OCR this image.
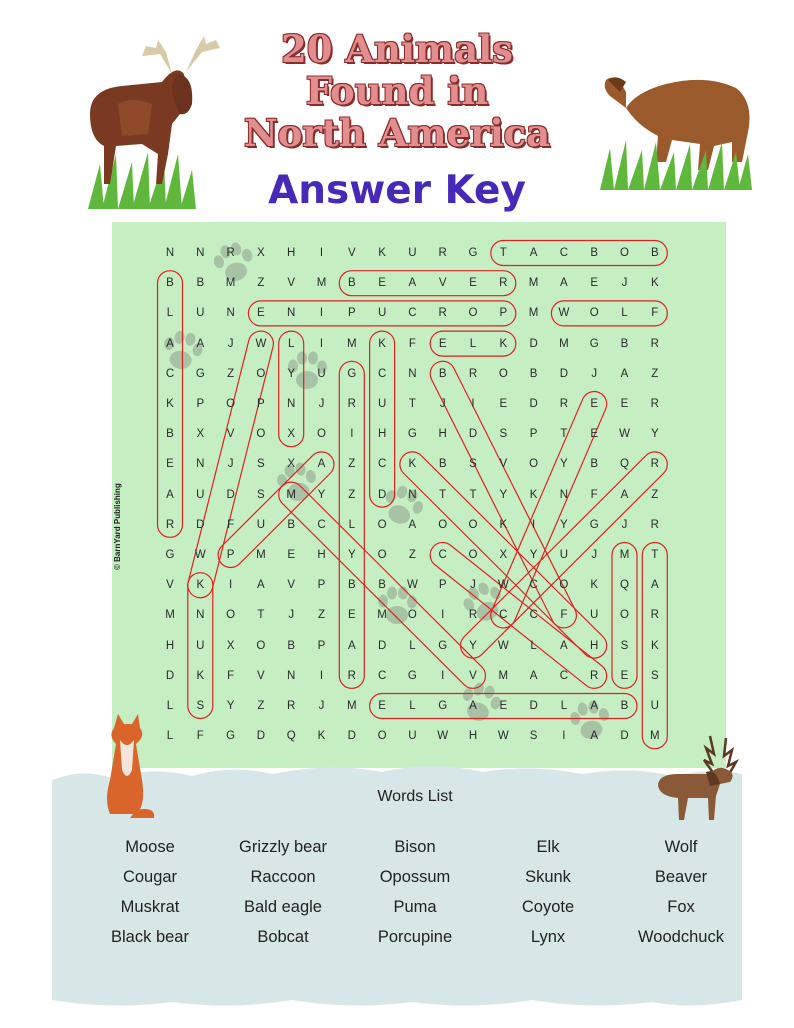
20 Animals
Found in
North America
Answer Key
N	N	R	X	H	I	V	K	U	R	G	T	A	C	B	O	B
B	B	M	Z	V	M	B	E	A	V	E	R	M	A	E	J	K
L	U	N	E	N	I	P	U	C	R	O	P	M	W	O	L	F
A	A	J	W	L	I	M	K	F	E	L	K	D	M	G	B	R
C	G	Z	O	Y	U	G	C	N	B	R	O	B	D	J	A	Z
K	P	O	P	N	J	R	U	T	J	I	E	D	R	E	E	R
B	X	V	O	X	O	I	H	G	H	D	S	P	T	E	W	Y
E	N	J	S	X	A	Z	C	K	B	S	V	O	Y	B	Q	R
A	U	D	S	M	Y	Z	D	N	T	T	Y	K	N	F	A	Z
R	D	F	U	B	C	L	O	A	O	O	K	I	Y	G	J	R
G	W	P	M	E	H	Y	O	Z	C	O	X	Y	U	J	M	T
V	K	I	A	V	P	B	B	W	P	J	W	C	O	K	Q	A
M	N	O	T	J	Z	E	M	O	I	R	C	C	F	U	O	R
H	U	X	O	B	P	A	D	L	G	Y	W	L	A	H	S	K
D	K	F	V	N	I	R	C	G	I	V	M	A	C	R	E	S
L	S	Y	Z	R	J	M	E	L	G	A	E	D	L	A	B	U
L	F	G	D	Q	K	D	O	U	W	H	W	S	I	A	D	M
© BarnYard Publishing
Words List
Moose
Cougar
Muskrat
Black bear
Grizzly bear
Raccoon
Bald eagle
Bobcat
Bison
Opossum
Puma
Porcupine
Elk
Skunk
Coyote
Lynx
Wolf
Beaver
Fox
Woodchuck
